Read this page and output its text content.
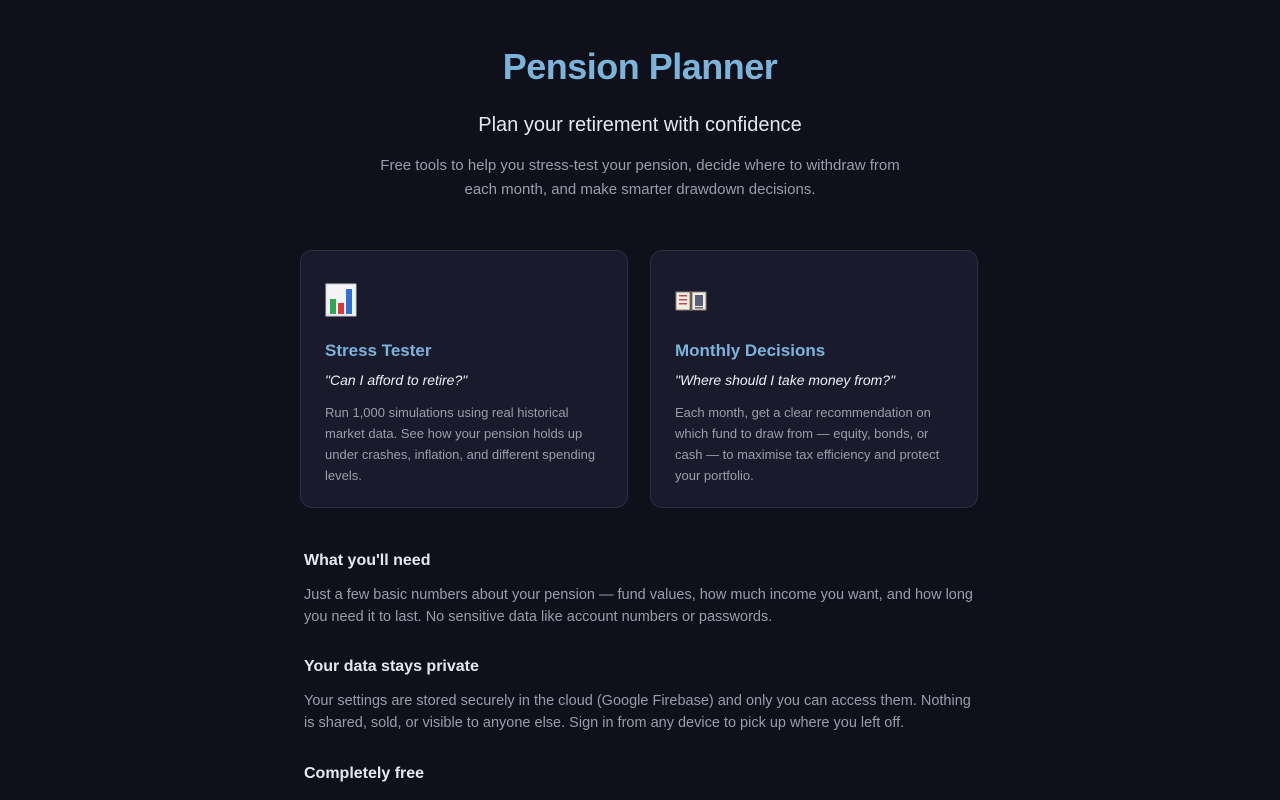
Pension Planner
Plan your retirement with confidence
Free tools to help you stress-test your pension, decide where to withdraw from each month, and make smarter drawdown decisions.
Stress Tester
"Can I afford to retire?"
Run 1,000 simulations using real historical market data. See how your pension holds up under crashes, inflation, and different spending levels.
Monthly Decisions
"Where should I take money from?"
Each month, get a clear recommendation on which fund to draw from — equity, bonds, or cash — to maximise tax efficiency and protect your portfolio.
What you'll need
Just a few basic numbers about your pension — fund values, how much income you want, and how long you need it to last. No sensitive data like account numbers or passwords.
Your data stays private
Your settings are stored securely in the cloud (Google Firebase) and only you can access them. Nothing is shared, sold, or visible to anyone else. Sign in from any device to pick up where you left off.
Completely free
